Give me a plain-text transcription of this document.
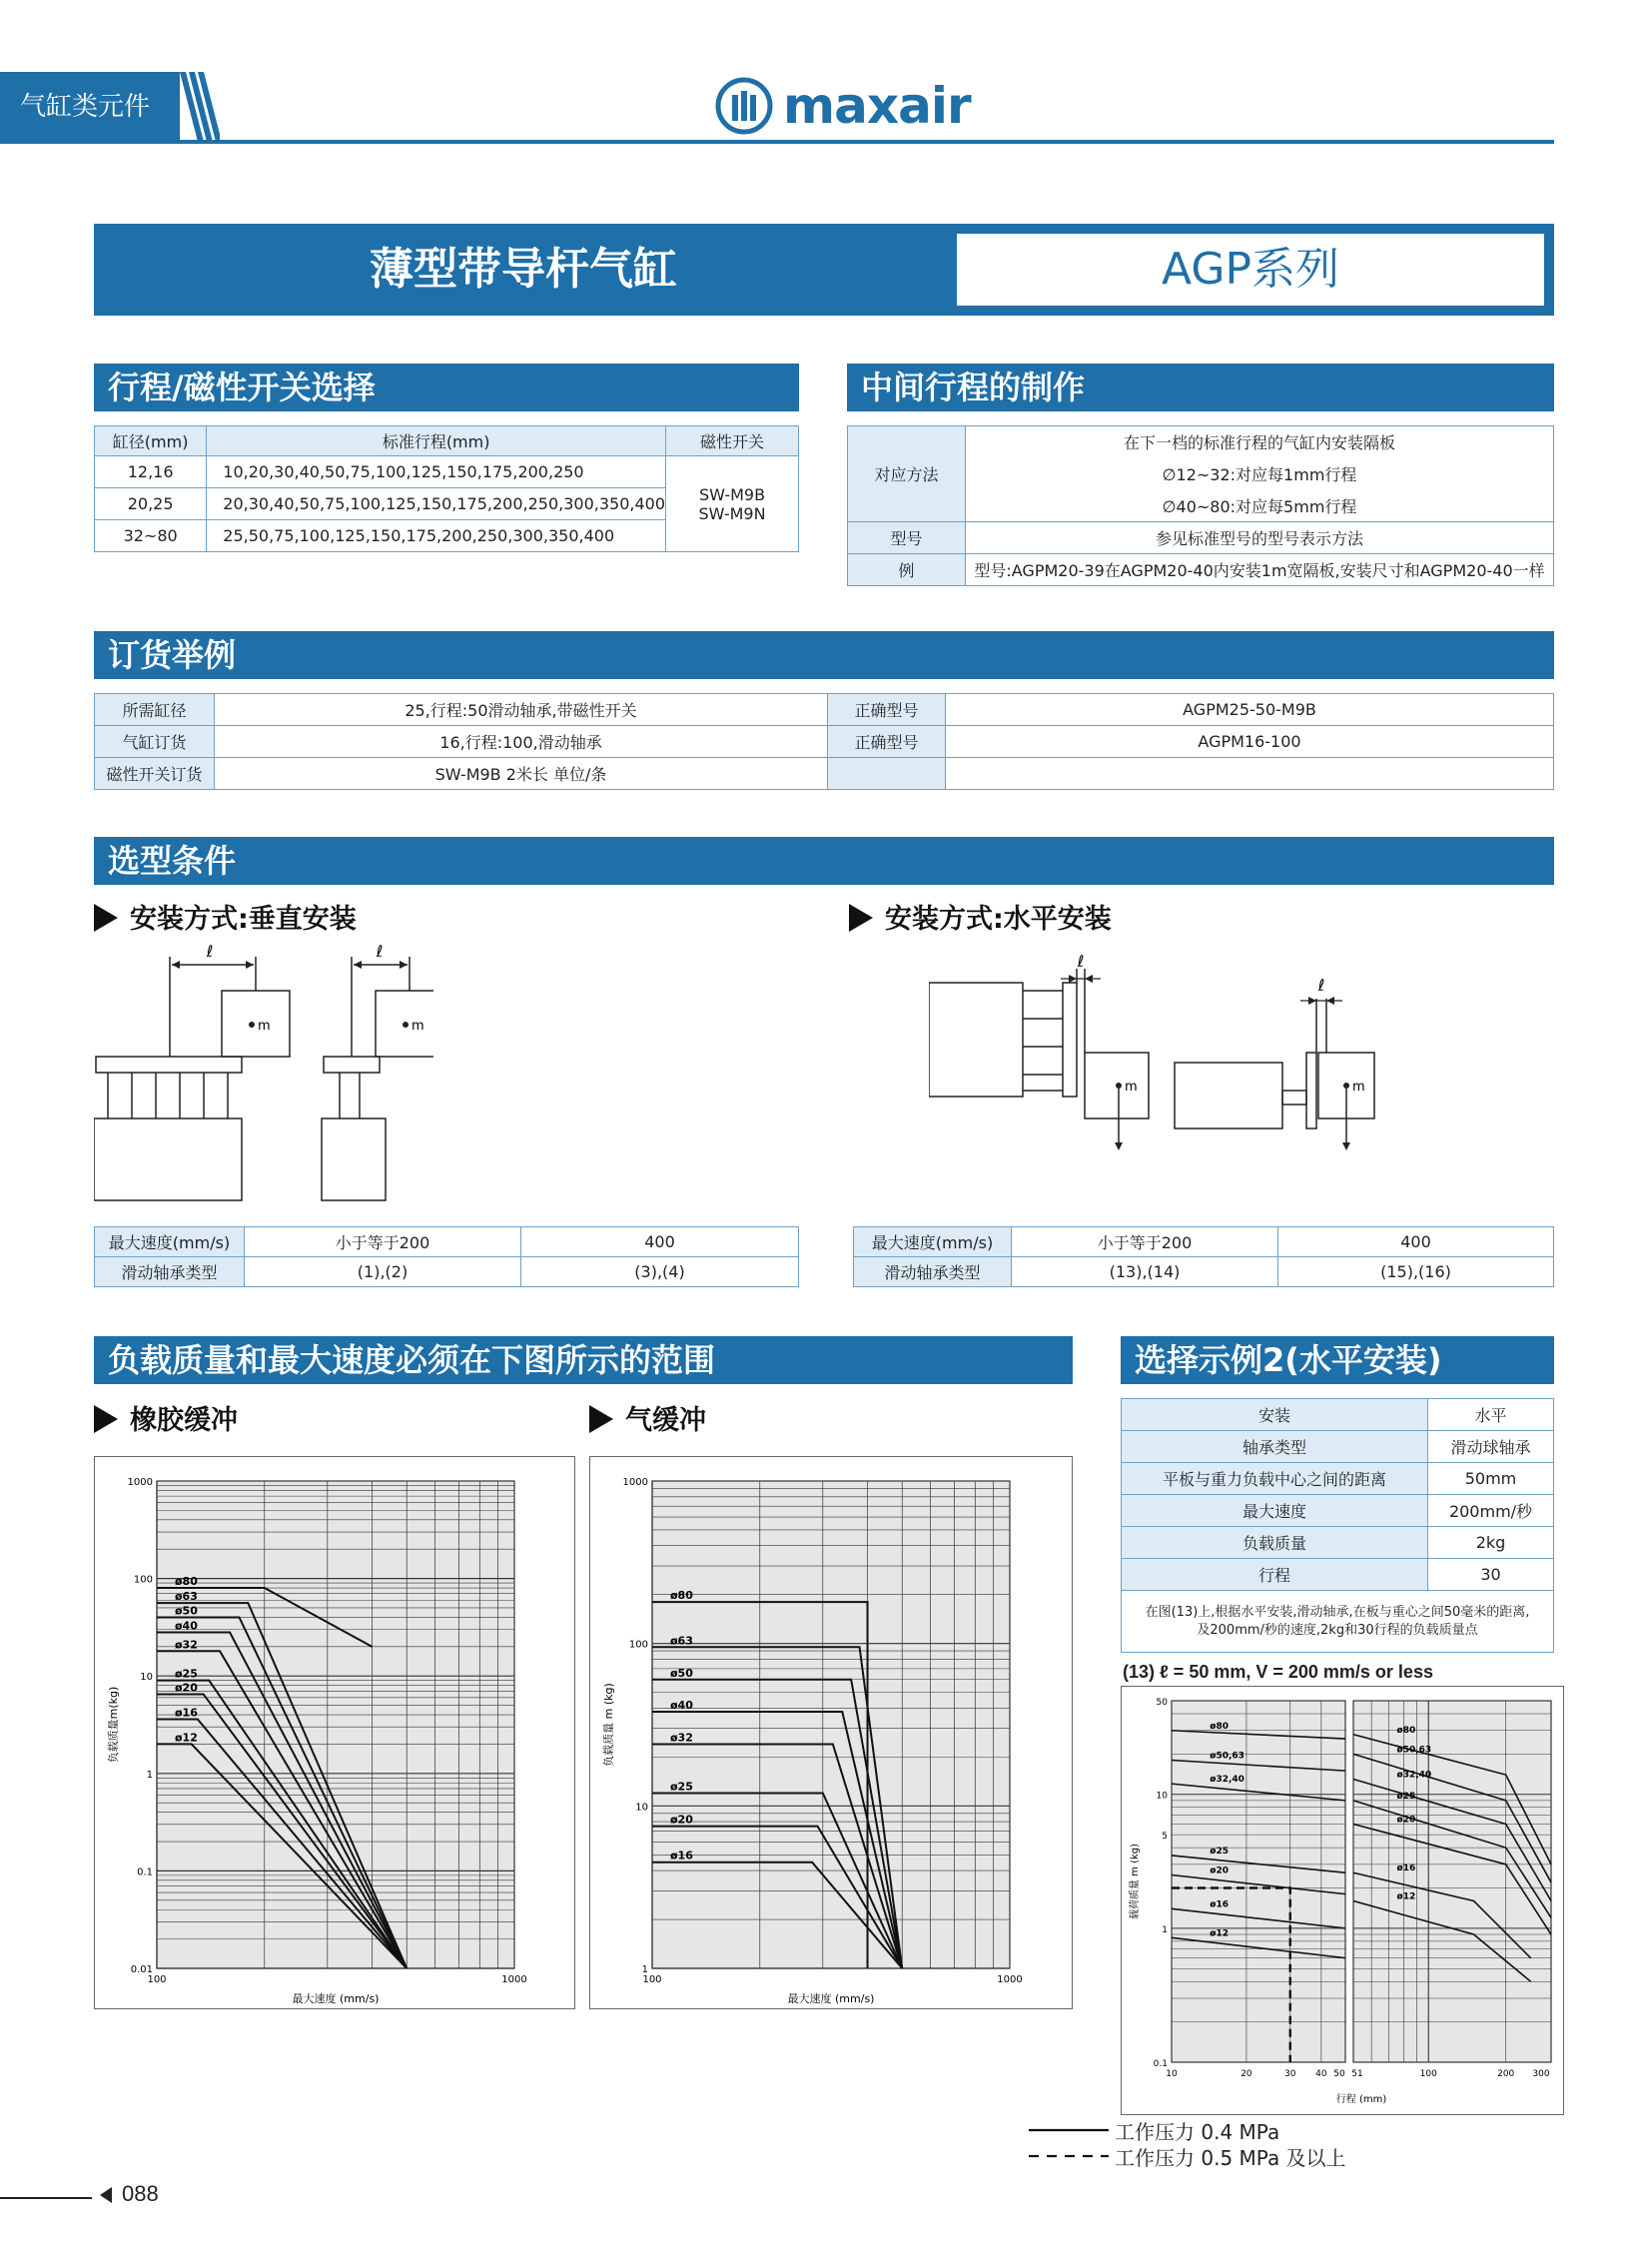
气缸类元件	maxair
薄型带导杆气缸	AGP系列
行程/磁性开关选择
缸径(mm)	标准行程(mm)	磁性开关
12,16	10,20,30,40,50,75,100,125,150,175,200,250	SW-M9B
SW-M9N

20,25	20,30,40,50,75,100,125,150,175,200,250,300,350,400	
32~80	25,50,75,100,125,150,175,200,250,300,350,400	
中间行程的制作
对应方法	在下一档的标准行程的气缸内安装隔板
	∅12~32:对应每1mm行程
	∅40~80:对应每5mm行程
型号	参见标准型号的型号表示方法
例	型号:AGPM20-39在AGPM20-40内安装1m宽隔板,安装尺寸和AGPM20-40一样
订货举例
所需缸径	25,行程:50滑动轴承,带磁性开关	正确型号	AGPM25-50-M9B
气缸订货	16,行程:100,滑动轴承	正确型号	AGPM16-100
磁性开关订货	SW-M9B 2米长 单位/条		
选型条件
安装方式:垂直安装	安装方式:水平安装
ℓ	ℓ
m	m
ℓ
ℓ
m	m
最大速度(mm/s)	小于等于200	400
滑动轴承类型	(1),(2)	(3),(4)
最大速度(mm/s)	小于等于200	400
滑动轴承类型	(13),(14)	(15),(16)
负载质量和最大速度必须在下图所示的范围
橡胶缓冲	气缓冲
1000
100
10
1
0.1
0.01
100	1000
最大速度 (mm/s)
负载质量m(kg)
ø80
ø63
ø50
ø40
ø32
ø25
ø20
ø16
ø12
1000
100
10
1
100	1000
最大速度 (mm/s)
负载质量 m (kg)
ø80
ø63
ø50
ø40
ø32
ø25
ø20
ø16
选择示例2(水平安装)
安装	水平
轴承类型	滑动球轴承
平板与重力负载中心之间的距离	50mm
最大速度	200mm/秒
负载质量	2kg
行程	30

在图(13)上,根据水平安装,滑动轴承,在板与重心之间50毫米的距离,
及200mm/秒的速度,2kg和30行程的负载质量点	
(13) ℓ = 50 mm, V = 200 mm/s or less
ø80
ø50,63
ø32,40
ø25
ø20
ø16
ø12
ø80
ø50,63
ø32,40
ø25
ø20
ø16
ø12
50
10
5
1
0.1
10	20	30 40 50 51	100	200 300
行程 (mm)
载荷质量 m (kg)
工作压力 0.4 MPa
工作压力 0.5 MPa 及以上
088
